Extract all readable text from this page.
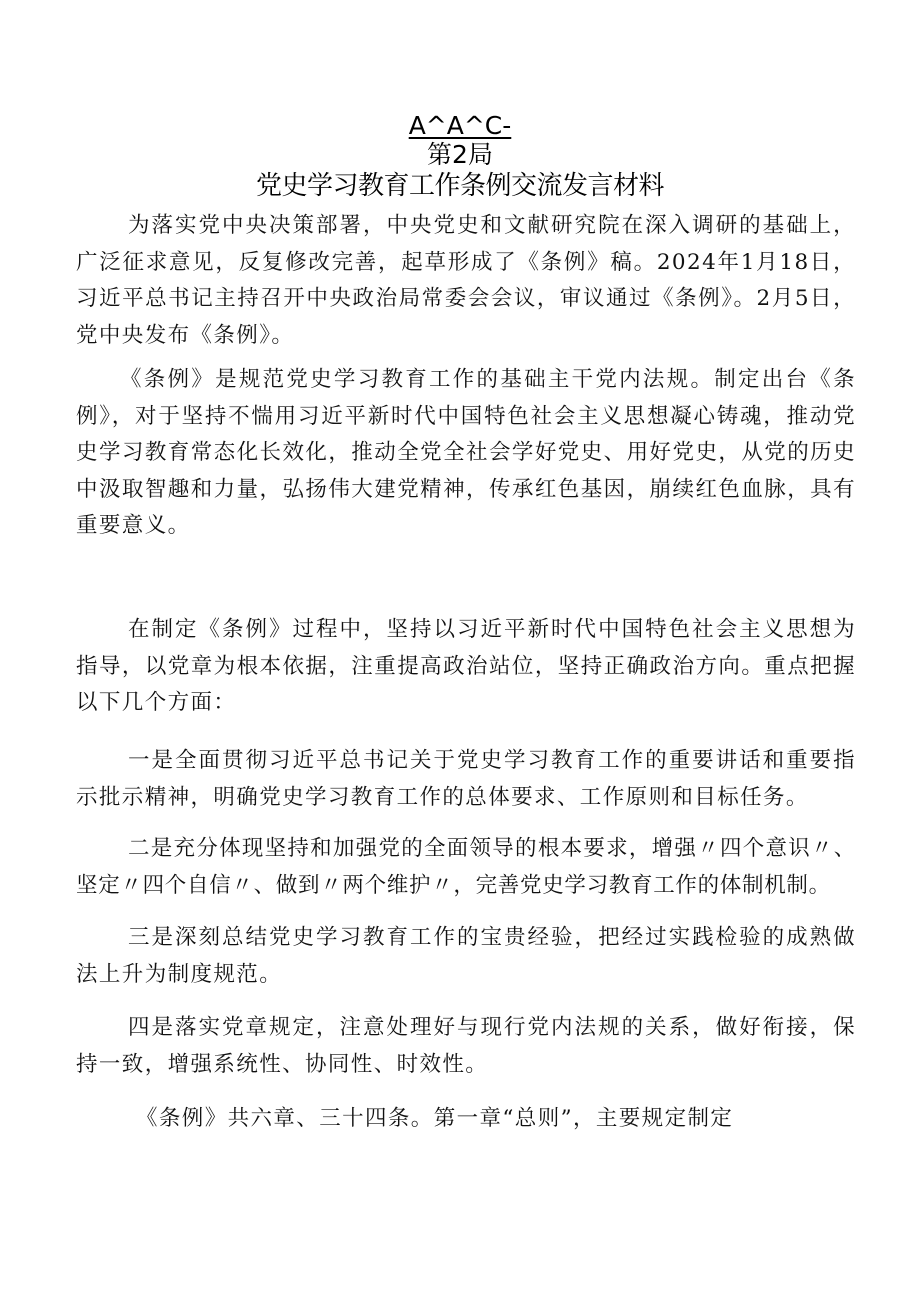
A^A^C-
第2局
党史学习教育工作条例交流发言材料

为落实党中央决策部署，中央党史和文献研究院在深入调研的基础上，广泛征求意见，反复修改完善，起草形成了《条例》稿。2024年1月18日，习近平总书记主持召开中央政治局常委会会议，审议通过《条例》。2月5日，党中央发布《条例》。

《条例》是规范党史学习教育工作的基础主干党内法规。制定出台《条例》，对于坚持不惴用习近平新时代中国特色社会主义思想凝心铸魂，推动党史学习教育常态化长效化，推动全党全社会学好党史、用好党史，从党的历史中汲取智趣和力量，弘扬伟大建党精神，传承红色基因，崩续红色血脉，具有重要意义。

在制定《条例》过程中，坚持以习近平新时代中国特色社会主义思想为指导，以党章为根本依据，注重提高政治站位，坚持正确政治方向。重点把握以下几个方面：

一是全面贯彻习近平总书记关于党史学习教育工作的重要讲话和重要指示批示精神，明确党史学习教育工作的总体要求、工作原则和目标任务。

二是充分体现坚持和加强党的全面领导的根本要求，增强〃四个意识〃、坚定〃四个自信〃、做到〃两个维护〃，完善党史学习教育工作的体制机制。

三是深刻总结党史学习教育工作的宝贵经验，把经过实践检验的成熟做法上升为制度规范。

四是落实党章规定，注意处理好与现行党内法规的关系，做好衔接，保持一致，增强系统性、协同性、时效性。

《条例》共六章、三十四条。第一章“总则”，主要规定制定
